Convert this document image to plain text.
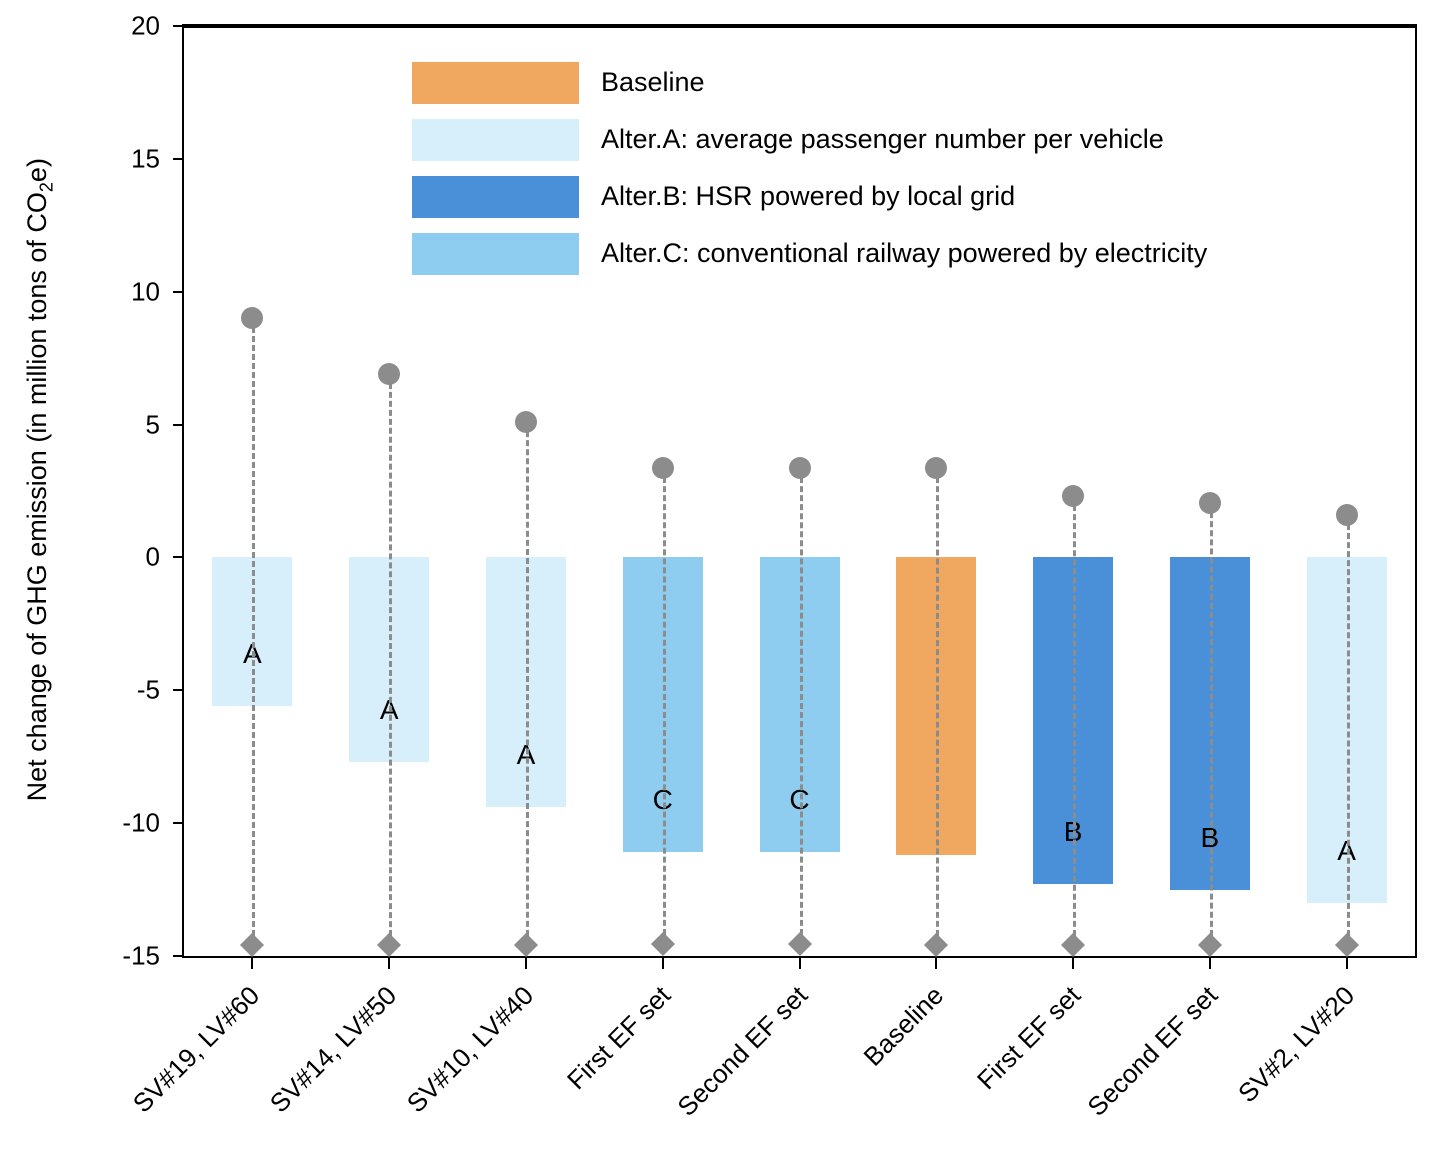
Net change of GHG emission (in million tons of $CO_2e$)
20
15
10
5
0
-5
-10
-15
A
A
A
C	C
B	B	A
Baseline
Alter.A: average passenger number per vehicle
Alter.B: HSR powered by local grid
Alter.C: conventional railway powered by electricity
SV#19, LV#60
SV#14, LV#50
SV#10, LV#40 First EF set
Second EF set Baseline First EF set
Second EF set SV#2, LV#20
